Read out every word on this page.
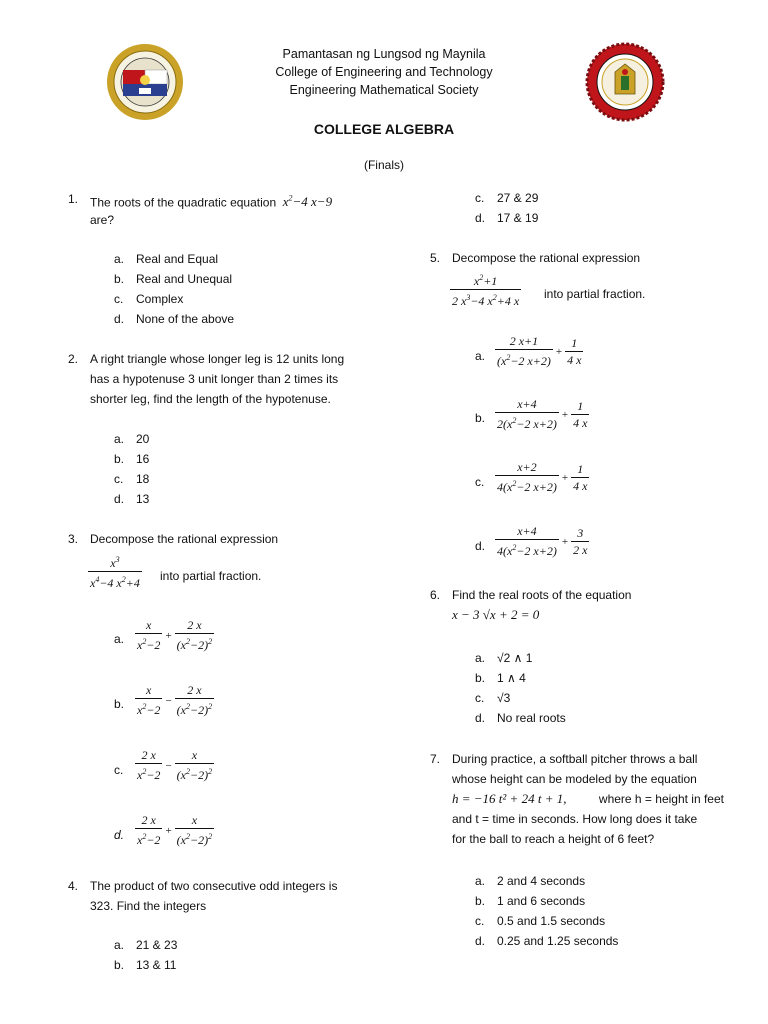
Pamantasan ng Lungsod ng Maynila
College of Engineering and Technology
Engineering Mathematical Society
COLLEGE ALGEBRA
(Finals)
1. The roots of the quadratic equation  $x^2-4$ x−9
are?
a. Real and Equal
b. Real and Unequal
c. Complex
d. None of the above
2. A right triangle whose longer leg is 12 units long
has a hypotenuse 3 unit longer than 2 times its
shorter leg, find the length of the hypotenuse.
a. 20
b. 16
c. 18
d. 13
3. Decompose the rational expression
$\frac{x^3}{x^4-4 x^2+4}$ into partial fraction.
a. $\frac{x}{x^2-2} + \frac{2 x}{(x^2-2)^2}$
b. $\frac{x}{x^2-2} - \frac{2 x}{(x^2-2)^2}$
c. $\frac{2 x}{x^2-2} - \frac{x}{(x^2-2)^2}$
d. $\frac{2 x}{x^2-2} + \frac{x}{(x^2-2)^2}$
4. The product of two consecutive odd integers is
323. Find the integers
a. 21 & 23
b. 13 & 11
c. 27 & 29
d. 17 & 19
5. Decompose the rational expression
$\frac{x^2+1}{2 x^3-4 x^2+4 x}$ into partial fraction.
a. $\frac{2 x+1}{(x^2-2 x+2)} + \frac{1}{4 x}$
b. $\frac{x+4}{2(x^2-2 x+2)} + \frac{1}{4 x}$
c. $\frac{x+2}{4(x^2-2 x+2)} + \frac{1}{4 x}$
d. $\frac{x+4}{4(x^2-2 x+2)} + \frac{3}{2 x}$
6. Find the real roots of the equation
x − 3 √x + 2 = 0
a. √2 ∧ 1
b. 1 ∧ 4
c. √3
d. No real roots
7. During practice, a softball pitcher throws a ball
whose height can be modeled by the equation
h = −16 t² + 24 t + 1,	where h = height in feet
and t = time in seconds. How long does it take
for the ball to reach a height of 6 feet?
a. 2 and 4 seconds
b. 1 and 6 seconds
c. 0.5 and 1.5 seconds
d. 0.25 and 1.25 seconds
